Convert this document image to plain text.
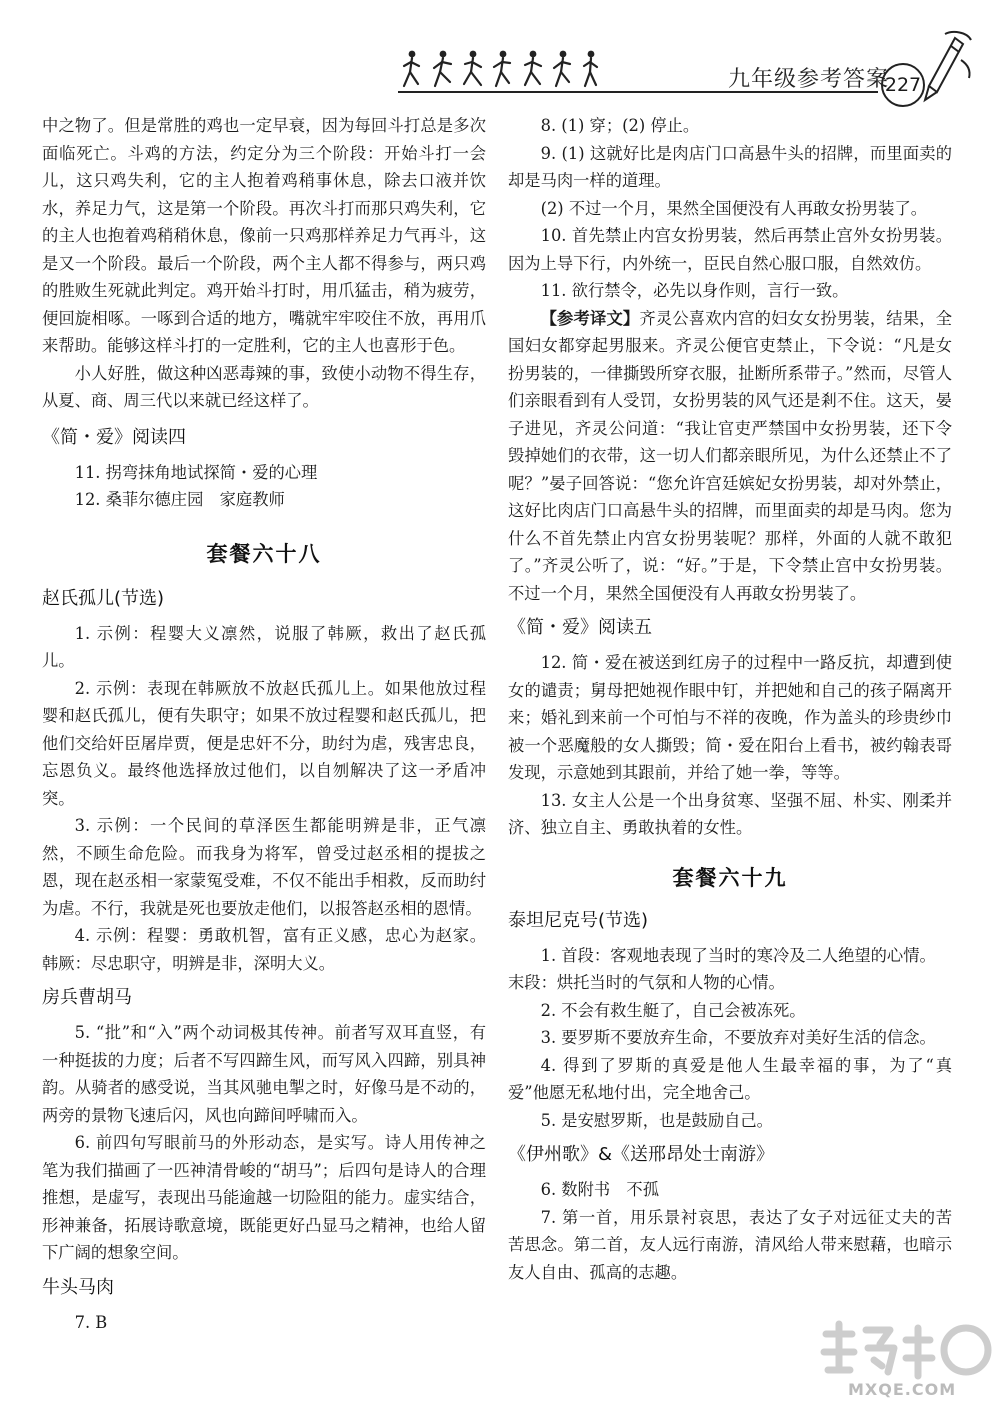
九年级参考答案
227

中之物了。但是常胜的鸡也一定早衰，因为每回斗打总是多次面临死亡。斗鸡的方法，约定分为三个阶段：开始斗打一会儿，这只鸡失利，它的主人抱着鸡稍事休息，除去口液并饮水，养足力气，这是第一个阶段。再次斗打而那只鸡失利，它的主人也抱着鸡稍稍休息，像前一只鸡那样养足力气再斗，这是又一个阶段。最后一个阶段，两个主人都不得参与，两只鸡的胜败生死就此判定。鸡开始斗打时，用爪猛击，稍为疲劳，便回旋相啄。一啄到合适的地方，嘴就牢牢咬住不放，再用爪来帮助。能够这样斗打的一定胜利，它的主人也喜形于色。

小人好胜，做这种凶恶毒辣的事，致使小动物不得生存，从夏、商、周三代以来就已经这样了。

《简・爱》阅读四

11. 拐弯抹角地试探简・爱的心理

12. 桑菲尔德庄园　家庭教师

套餐六十八
赵氏孤儿(节选)

1. 示例：程婴大义凛然，说服了韩厥，救出了赵氏孤儿。

2. 示例：表现在韩厥放不放赵氏孤儿上。如果他放过程婴和赵氏孤儿，便有失职守；如果不放过程婴和赵氏孤儿，把他们交给奸臣屠岸贾，便是忠奸不分，助纣为虐，残害忠良，忘恩负义。最终他选择放过他们，以自刎解决了这一矛盾冲突。

3. 示例：一个民间的草泽医生都能明辨是非，正气凛然，不顾生命危险。而我身为将军，曾受过赵丞相的提拔之恩，现在赵丞相一家蒙冤受难，不仅不能出手相救，反而助纣为虐。不行，我就是死也要放走他们，以报答赵丞相的恩情。

4. 示例：程婴：勇敢机智，富有正义感，忠心为赵家。韩厥：尽忠职守，明辨是非，深明大义。

房兵曹胡马

5. “批”和“入”两个动词极其传神。前者写双耳直竖，有一种挺拔的力度；后者不写四蹄生风，而写风入四蹄，别具神韵。从骑者的感受说，当其风驰电掣之时，好像马是不动的，两旁的景物飞速后闪，风也向蹄间呼啸而入。

6. 前四句写眼前马的外形动态，是实写。诗人用传神之笔为我们描画了一匹神清骨峻的“胡马”；后四句是诗人的合理推想，是虚写，表现出马能逾越一切险阻的能力。虚实结合，形神兼备，拓展诗歌意境，既能更好凸显马之精神，也给人留下广阔的想象空间。

牛头马肉

7. B

8. (1) 穿；(2) 停止。

9. (1) 这就好比是肉店门口高悬牛头的招牌，而里面卖的却是马肉一样的道理。

(2) 不过一个月，果然全国便没有人再敢女扮男装了。

10. 首先禁止内宫女扮男装，然后再禁止宫外女扮男装。因为上导下行，内外统一，臣民自然心服口服，自然效仿。

11. 欲行禁令，必先以身作则，言行一致。

【参考译文】齐灵公喜欢内宫的妇女女扮男装，结果，全国妇女都穿起男服来。齐灵公便官吏禁止，下令说：“凡是女扮男装的，一律撕毁所穿衣服，扯断所系带子。”然而，尽管人们亲眼看到有人受罚，女扮男装的风气还是剎不住。这天，晏子进见，齐灵公问道：“我让官吏严禁国中女扮男装，还下令毁掉她们的衣带，这一切人们都亲眼所见，为什么还禁止不了呢？”晏子回答说：“您允许宫廷嫔妃女扮男装，却对外禁止，这好比肉店门口高悬牛头的招牌，而里面卖的却是马肉。您为什么不首先禁止内宫女扮男装呢？那样，外面的人就不敢犯了。”齐灵公听了，说：“好。”于是，下令禁止宫中女扮男装。不过一个月，果然全国便没有人再敢女扮男装了。

《简・爱》阅读五

12. 简・爱在被送到红房子的过程中一路反抗，却遭到使女的谴责；舅母把她视作眼中钉，并把她和自己的孩子隔离开来；婚礼到来前一个可怕与不祥的夜晚，作为盖头的珍贵纱巾被一个恶魔般的女人撕毁；简・爱在阳台上看书，被约翰表哥发现，示意她到其跟前，并给了她一拳，等等。

13. 女主人公是一个出身贫寒、坚强不屈、朴实、刚柔并济、独立自主、勇敢执着的女性。

套餐六十九
泰坦尼克号(节选)

1. 首段：客观地表现了当时的寒冷及二人绝望的心情。

末段：烘托当时的气氛和人物的心情。

2. 不会有救生艇了，自己会被冻死。

3. 要罗斯不要放弃生命，不要放弃对美好生活的信念。

4. 得到了罗斯的真爱是他人生最幸福的事，为了“真爱”他愿无私地付出，完全地舍己。

5. 是安慰罗斯，也是鼓励自己。

《伊州歌》&《送邢昂处士南游》

6. 数附书　不孤

7. 第一首，用乐景衬哀思，表达了女子对远征丈夫的苦苦思念。第二首，友人远行南游，清风给人带来慰藉，也暗示友人自由、孤高的志趣。

MXQE.COM
